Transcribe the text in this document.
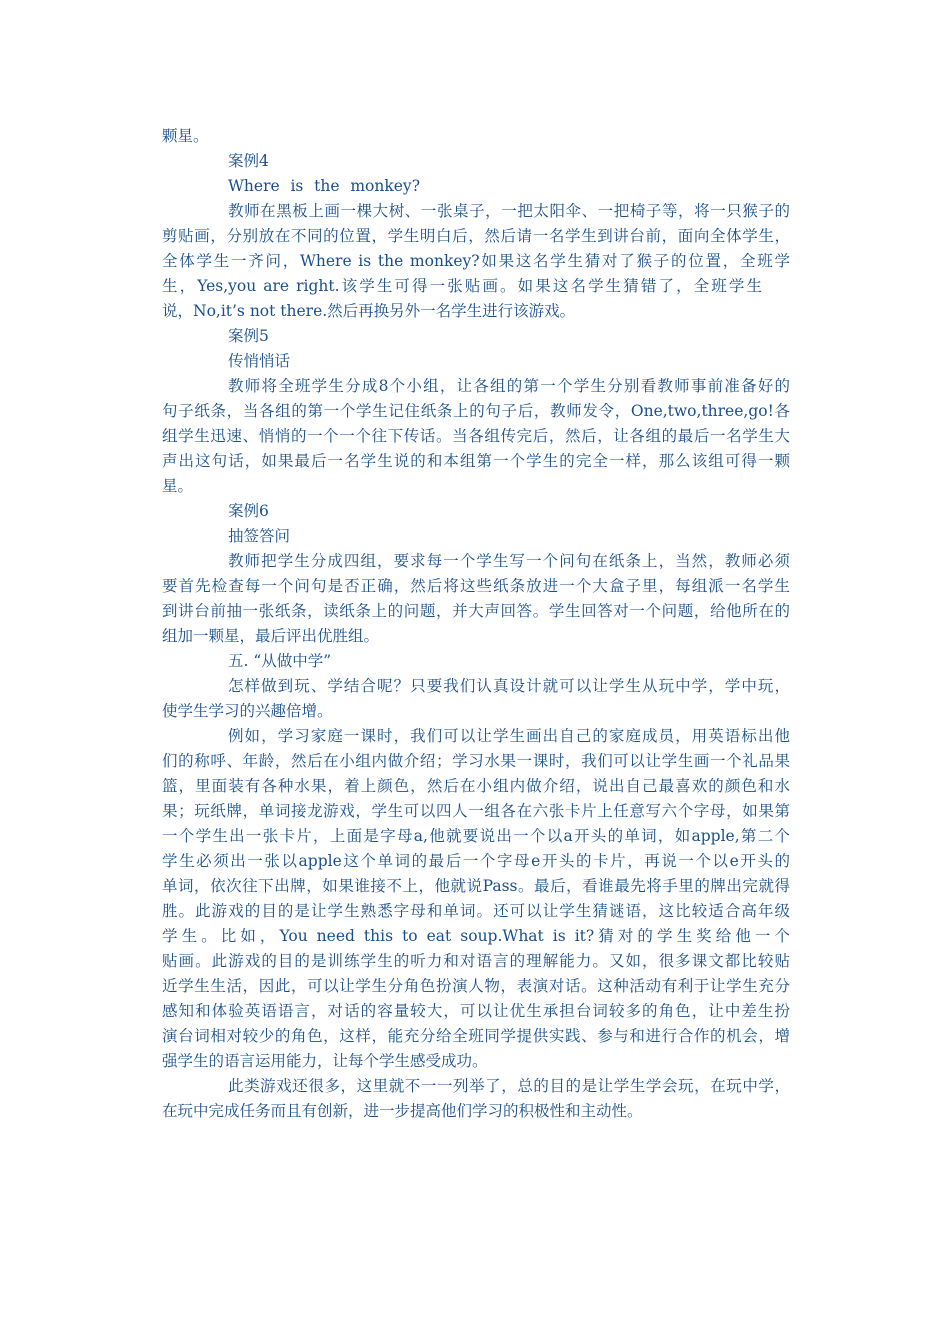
颗星。
案例4
Where is the monkey?
教师在黑板上画一棵大树、一张桌子，一把太阳伞、一把椅子等，将一只猴子的
剪贴画，分别放在不同的位置，学生明白后，然后请一名学生到讲台前，面向全体学生，
全体学生一齐问，Where is the monkey?如果这名学生猜对了猴子的位置，全班学
生，Yes,you are right.该学生可得一张贴画。如果这名学生猜错了，全班学生
说，No,it’s not there.然后再换另外一名学生进行该游戏。
案例5
传悄悄话
教师将全班学生分成8个小组，让各组的第一个学生分别看教师事前准备好的
句子纸条，当各组的第一个学生记住纸条上的句子后，教师发令，One,two,three,go!各
组学生迅速、悄悄的一个一个往下传话。当各组传完后，然后，让各组的最后一名学生大
声出这句话，如果最后一名学生说的和本组第一个学生的完全一样，那么该组可得一颗
星。
案例6
抽签答问
教师把学生分成四组，要求每一个学生写一个问句在纸条上，当然，教师必须
要首先检查每一个问句是否正确，然后将这些纸条放进一个大盒子里，每组派一名学生
到讲台前抽一张纸条，读纸条上的问题，并大声回答。学生回答对一个问题，给他所在的
组加一颗星，最后评出优胜组。
五. “从做中学”
怎样做到玩、学结合呢？只要我们认真设计就可以让学生从玩中学，学中玩，
使学生学习的兴趣倍增。
例如，学习家庭一课时，我们可以让学生画出自己的家庭成员，用英语标出他
们的称呼、年龄，然后在小组内做介绍；学习水果一课时，我们可以让学生画一个礼品果
篮，里面装有各种水果，着上颜色，然后在小组内做介绍，说出自己最喜欢的颜色和水
果；玩纸牌，单词接龙游戏，学生可以四人一组各在六张卡片上任意写六个字母，如果第
一个学生出一张卡片，上面是字母a,他就要说出一个以a开头的单词，如apple,第二个
学生必须出一张以apple这个单词的最后一个字母e开头的卡片，再说一个以e开头的
单词，依次往下出牌，如果谁接不上，他就说Pass。最后，看谁最先将手里的牌出完就得
胜。此游戏的目的是让学生熟悉字母和单词。还可以让学生猜谜语，这比较适合高年级
学生。比如，You need this to eat soup.What is it?猜对的学生奖给他一个
贴画。此游戏的目的是训练学生的听力和对语言的理解能力。又如，很多课文都比较贴
近学生生活，因此，可以让学生分角色扮演人物，表演对话。这种活动有利于让学生充分
感知和体验英语语言，对话的容量较大，可以让优生承担台词较多的角色，让中差生扮
演台词相对较少的角色，这样，能充分给全班同学提供实践、参与和进行合作的机会，增
强学生的语言运用能力，让每个学生感受成功。
此类游戏还很多，这里就不一一列举了，总的目的是让学生学会玩，在玩中学，
在玩中完成任务而且有创新，进一步提高他们学习的积极性和主动性。
